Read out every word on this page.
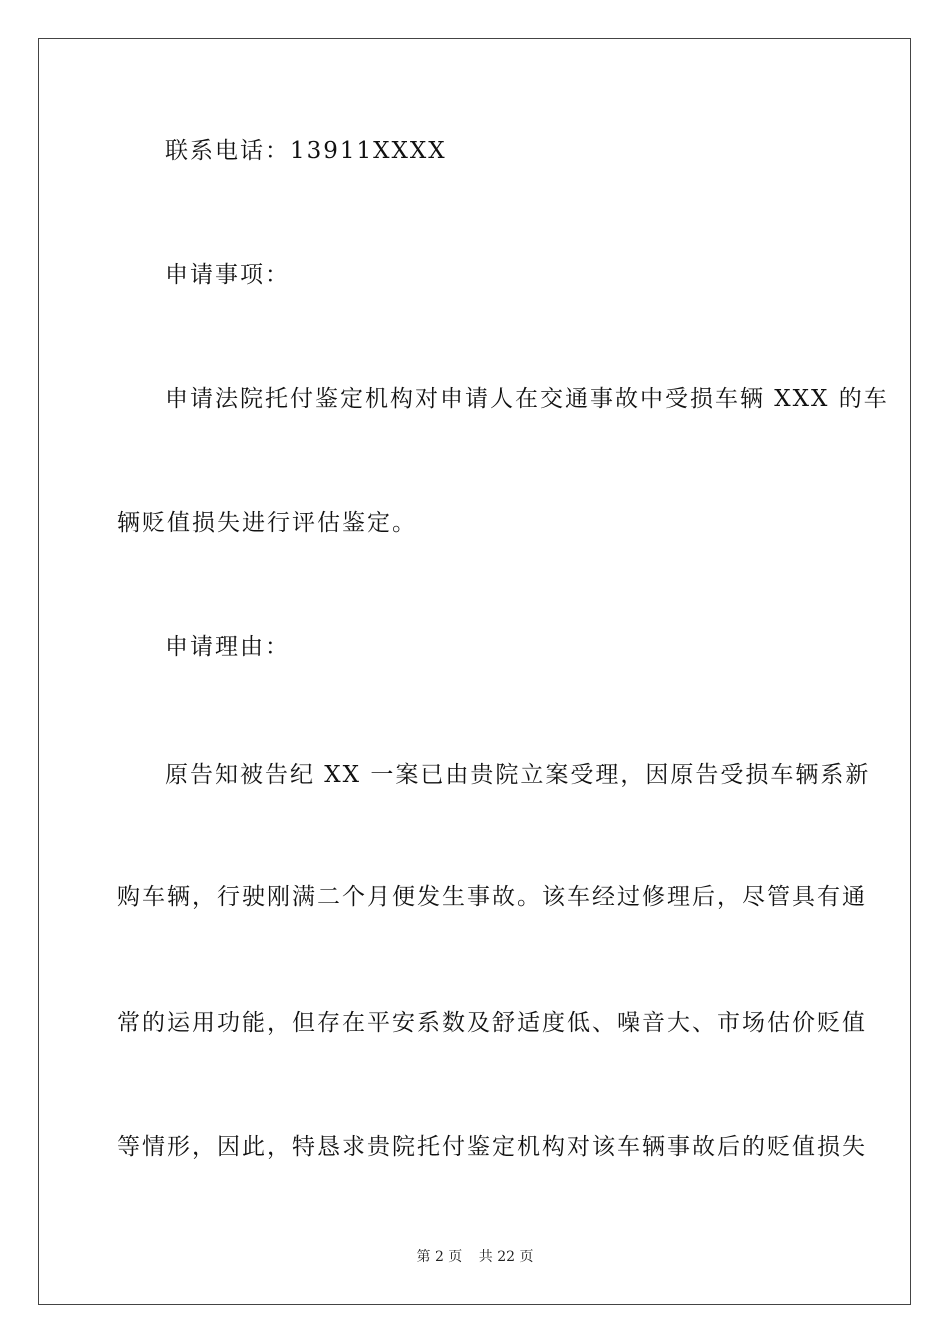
联系电话：13911XXXX
申请事项：
申请法院托付鉴定机构对申请人在交通事故中受损车辆 XXX 的车
辆贬值损失进行评估鉴定。
申请理由：
原告知被告纪 XX 一案已由贵院立案受理，因原告受损车辆系新
购车辆，行驶刚满二个月便发生事故。该车经过修理后，尽管具有通
常的运用功能，但存在平安系数及舒适度低、噪音大、市场估价贬值
等情形，因此，特恳求贵院托付鉴定机构对该车辆事故后的贬值损失
第 2 页 共 22 页
